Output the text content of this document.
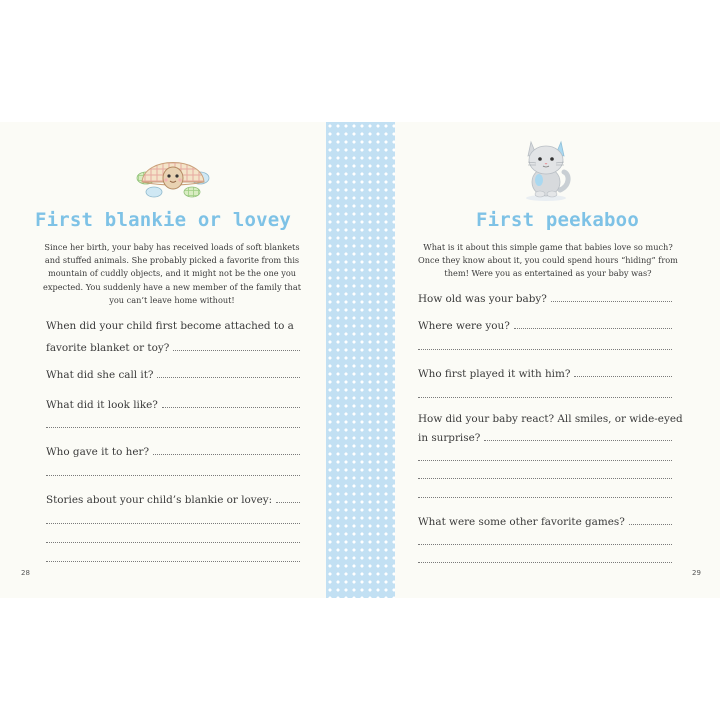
First blankie or lovey

Since her birth, your baby has received loads of soft blankets and stuffed animals. She probably picked a favorite from this mountain of cuddly objects, and it might not be the one you expected. You suddenly have a new member of the family that you can’t leave home without!

When did your child first become attached to a
favorite blanket or toy?
What did she call it?
What did it look like?
Who gave it to her?
Stories about your child’s blankie or lovey:
28
First peekaboo

What is it about this simple game that babies love so much? Once they know about it, you could spend hours “hiding” from them! Were you as entertained as your baby was?

How old was your baby?
Where were you?
Who first played it with him?
How did your baby react? All smiles, or wide-eyed
in surprise?
What were some other favorite games?
29
